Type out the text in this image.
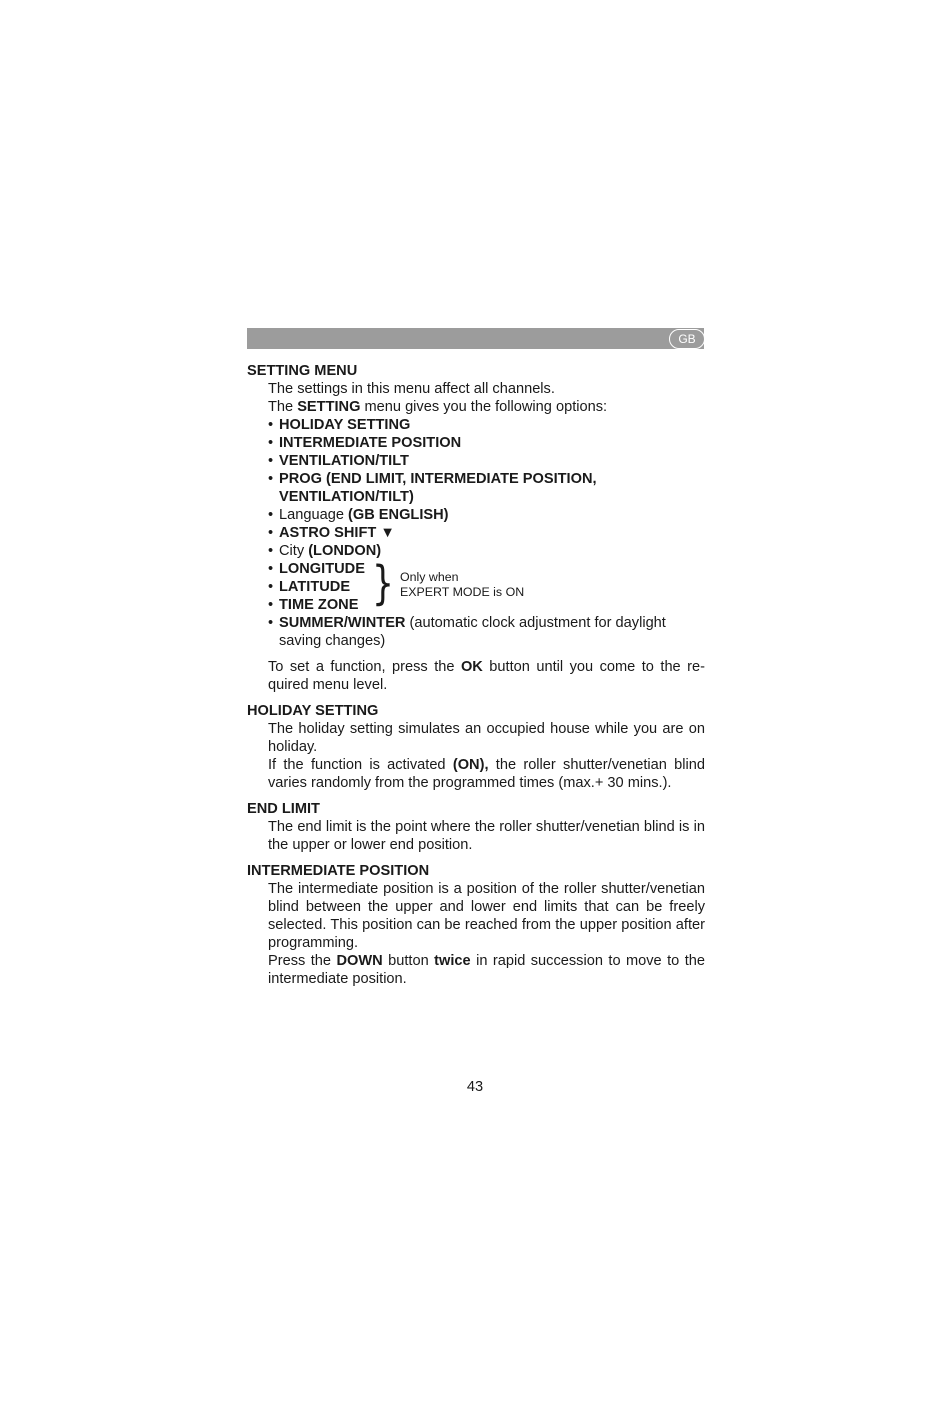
GB
SETTING MENU

The settings in this menu affect all channels.

The SETTING menu gives you the following options:

• HOLIDAY SETTING
• INTERMEDIATE POSITION
• VENTILATION/TILT
• PROG (END LIMIT, INTERMEDIATE POSITION,
VENTILATION/TILT)
• Language (GB ENGLISH)
• ASTRO SHIFT ▼
• City (LONDON)
• LONGITUDE
• LATITUDE
• TIME ZONE } Only when
EXPERT MODE is ON
• SUMMER/WINTER (automatic clock adjustment for daylight saving changes)

To set a function, press the OK button until you come to the required menu level.

HOLIDAY SETTING

The holiday setting simulates an occupied house while you are on holiday.

If the function is activated (ON), the roller shutter/venetian blind varies randomly from the programmed times (max.+ 30 mins.).

END LIMIT

The end limit is the point where the roller shutter/venetian blind is in the upper or lower end position.

INTERMEDIATE POSITION

The intermediate position is a position of the roller shutter/venetian blind between the upper and lower end limits that can be freely selected. This position can be reached from the upper position after programming.

Press the DOWN button twice in rapid succession to move to the intermediate position.

43
